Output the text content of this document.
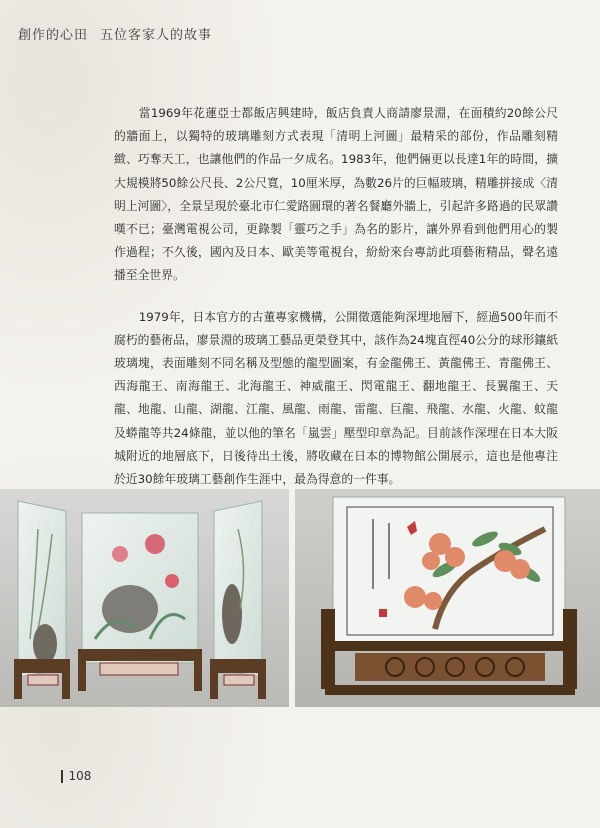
創作的心田 五位客家人的故事

當1969年花蓮亞士都飯店興建時，飯店負責人商請廖景淵，在面積約20餘公尺的牆面上，以獨特的玻璃雕刻方式表現「清明上河圖」最精采的部份，作品雕刻精緻、巧奪天工，也讓他們的作品一夕成名。1983年，他們倆更以長達1年的時間，擴大規模將50餘公尺長、2公尺寬，10厘米厚，為數26片的巨幅玻璃，精雕拼接成〈清明上河圖〉，全景呈現於臺北市仁愛路圓環的著名餐廳外牆上，引起許多路過的民眾讚嘆不已；臺灣電視公司，更錄製「靈巧之手」為名的影片，讓外界看到他們用心的製作過程；不久後，國內及日本、歐美等電視台，紛紛來台專訪此項藝術精品，聲名遠播至全世界。

1979年，日本官方的古董專家機構，公開徵選能夠深埋地層下，經過500年而不腐朽的藝術品，廖景淵的玻璃工藝品更榮登其中，該作為24塊直徑40公分的球形鑲紙玻璃塊，表面雕刻不同名稱及型態的龍型圖案，有金龍佛王、黃龍佛王、青龍佛王、西海龍王、南海龍王、北海龍王、神威龍王、閃電龍王、翻地龍王、長翼龍王、天龍、地龍、山龍、湖龍、江龍、風龍、雨龍、雷龍、巨龍、飛龍、水龍、火龍、蚊龍及蟒龍等共24條龍，並以他的筆名「嵐雲」壓型印章為記。目前該作深埋在日本大阪城附近的地層底下，日後待出土後，將收藏在日本的博物館公開展示，這也是他專注於近30餘年玻璃工藝創作生涯中，最為得意的一件事。

108
